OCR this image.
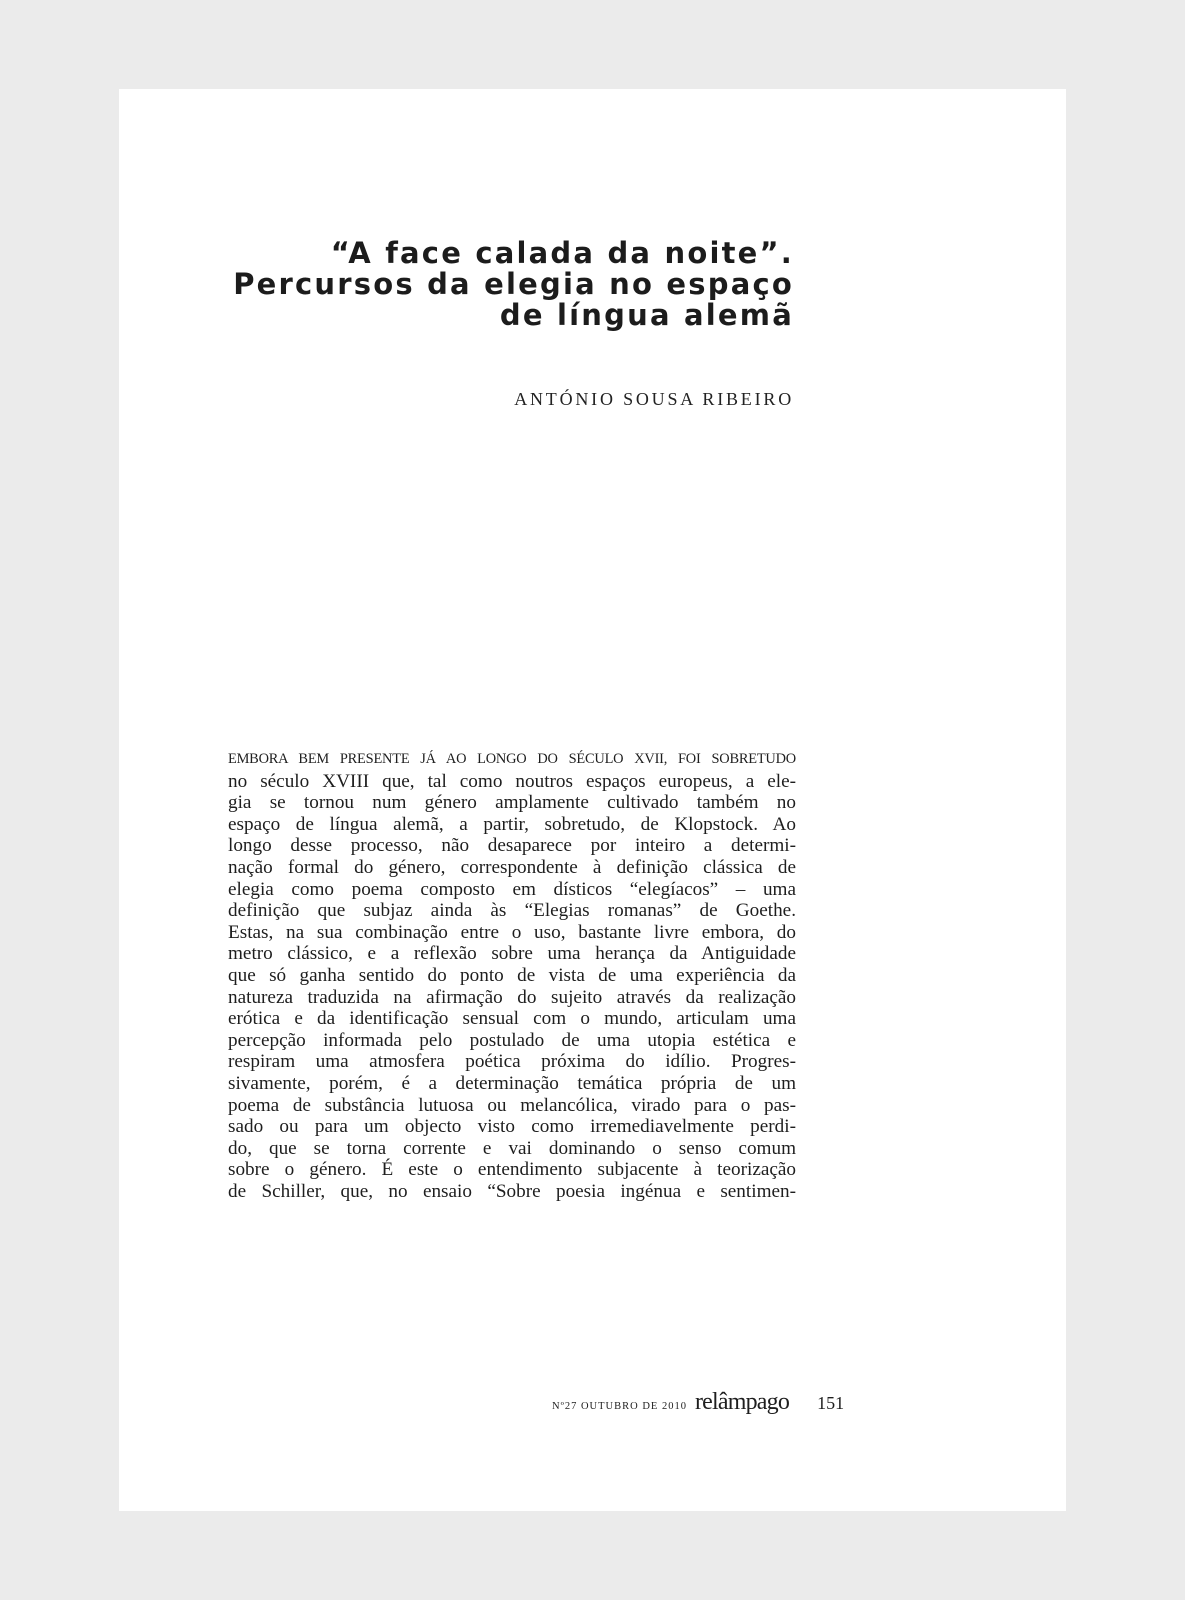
“A face calada da noite”.
Percursos da elegia no espaço
de língua alemã
ANTÓNIO SOUSA RIBEIRO
EMBORA BEM PRESENTE JÁ AO LONGO DO SÉCULO XVII, FOI SOBRETUDO
no século XVIII que, tal como noutros espaços europeus, a ele-
gia se tornou num género amplamente cultivado também no
espaço de língua alemã, a partir, sobretudo, de Klopstock. Ao
longo desse processo, não desaparece por inteiro a determi-
nação formal do género, correspondente à definição clássica de
elegia como poema composto em dísticos “elegíacos” – uma
definição que subjaz ainda às “Elegias romanas” de Goethe.
Estas, na sua combinação entre o uso, bastante livre embora, do
metro clássico, e a reflexão sobre uma herança da Antiguidade
que só ganha sentido do ponto de vista de uma experiência da
natureza traduzida na afirmação do sujeito através da realização
erótica e da identificação sensual com o mundo, articulam uma
percepção informada pelo postulado de uma utopia estética e
respiram uma atmosfera poética próxima do idílio. Progres-
sivamente, porém, é a determinação temática própria de um
poema de substância lutuosa ou melancólica, virado para o pas-
sado ou para um objecto visto como irremediavelmente perdi-
do, que se torna corrente e vai dominando o senso comum
sobre o género. É este o entendimento subjacente à teorização
de Schiller, que, no ensaio “Sobre poesia ingénua e sentimen-
Nº27 OUTUBRO DE 2010 relâmpago 151
